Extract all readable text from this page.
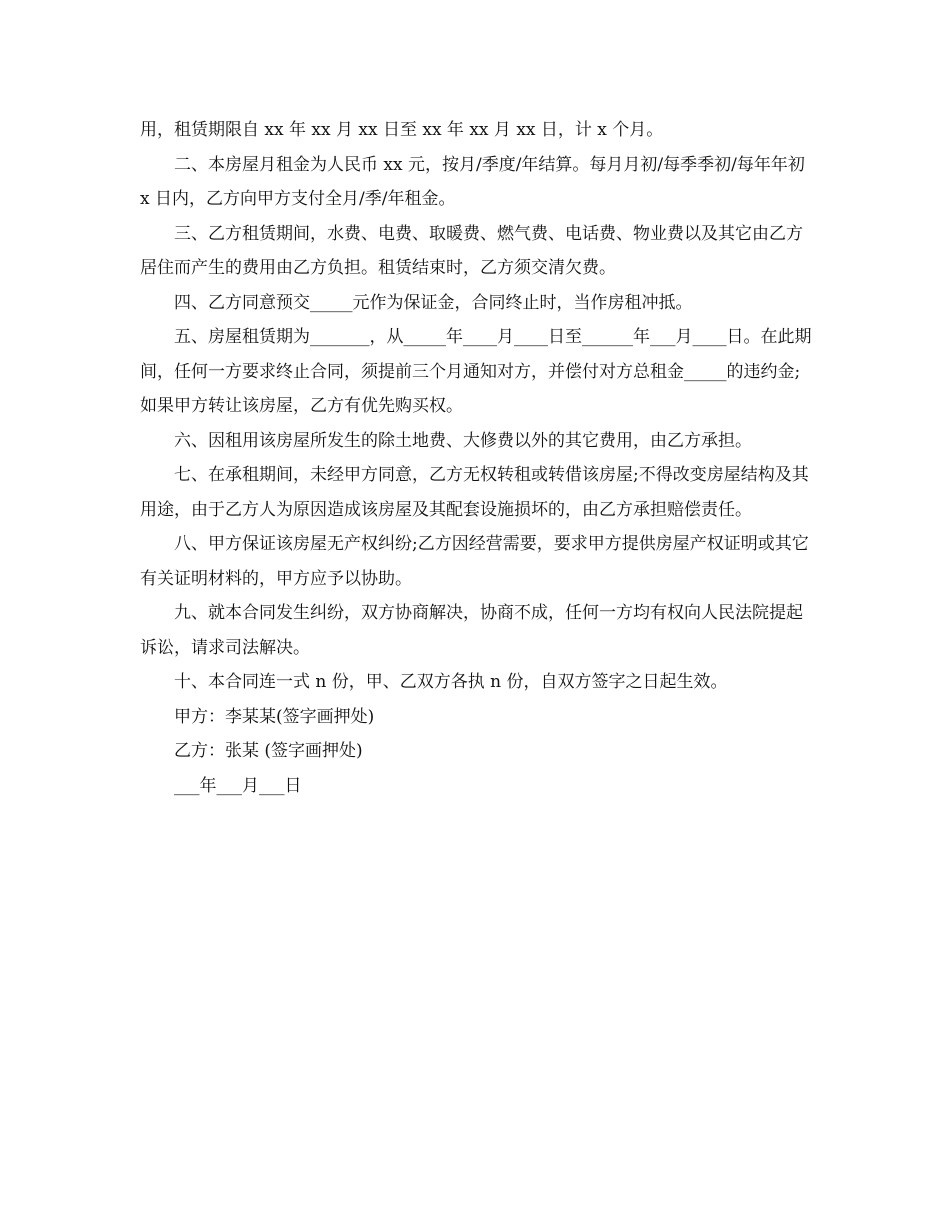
用，租赁期限自 xx 年 xx 月 xx 日至 xx 年 xx 月 xx 日，计 x 个月。

二、本房屋月租金为人民币 xx 元，按月/季度/年结算。每月月初/每季季初/每年年初 x 日内，乙方向甲方支付全月/季/年租金。

三、乙方租赁期间，水费、电费、取暖费、燃气费、电话费、物业费以及其它由乙方居住而产生的费用由乙方负担。租赁结束时，乙方须交清欠费。

四、乙方同意预交_____元作为保证金，合同终止时，当作房租冲抵。

五、房屋租赁期为_______，从_____年____月____日至______年___月____日。在此期间，任何一方要求终止合同，须提前三个月通知对方，并偿付对方总租金_____的违约金;如果甲方转让该房屋，乙方有优先购买权。

六、因租用该房屋所发生的除土地费、大修费以外的其它费用，由乙方承担。

七、在承租期间，未经甲方同意，乙方无权转租或转借该房屋;不得改变房屋结构及其用途，由于乙方人为原因造成该房屋及其配套设施损坏的，由乙方承担赔偿责任。

八、甲方保证该房屋无产权纠纷;乙方因经营需要，要求甲方提供房屋产权证明或其它有关证明材料的，甲方应予以协助。

九、就本合同发生纠纷，双方协商解决，协商不成，任何一方均有权向人民法院提起诉讼，请求司法解决。

十、本合同连一式 n 份，甲、乙双方各执 n 份，自双方签字之日起生效。

甲方：李某某(签字画押处)

乙方：张某 (签字画押处)

___年___月___日
